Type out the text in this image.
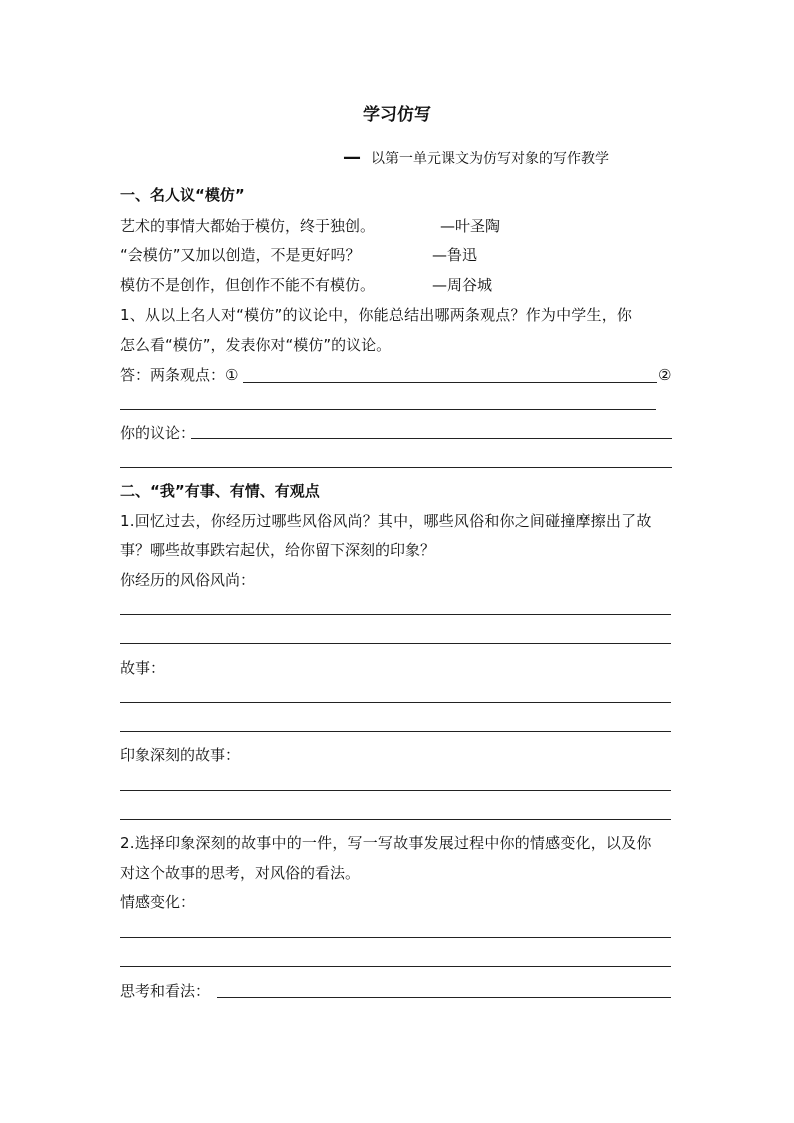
学习仿写
— 以第一单元课文为仿写对象的写作教学
一、名人议“模仿”
艺术的事情大都始于模仿，终于独创。	—叶圣陶
“会模仿”又加以创造，不是更好吗？	—鲁迅
模仿不是创作，但创作不能不有模仿。	—周谷城
1、从以上名人对“模仿”的议论中，你能总结出哪两条观点？作为中学生，你
怎么看“模仿”，发表你对“模仿”的议论。
答：两条观点：①	②
你的议论：
二、“我”有事、有情、有观点
1.回忆过去，你经历过哪些风俗风尚？其中，哪些风俗和你之间碰撞摩擦出了故
事？哪些故事跌宕起伏，给你留下深刻的印象？
你经历的风俗风尚：
故事：
印象深刻的故事：
2.选择印象深刻的故事中的一件，写一写故事发展过程中你的情感变化，以及你
对这个故事的思考，对风俗的看法。
情感变化：
思考和看法：
